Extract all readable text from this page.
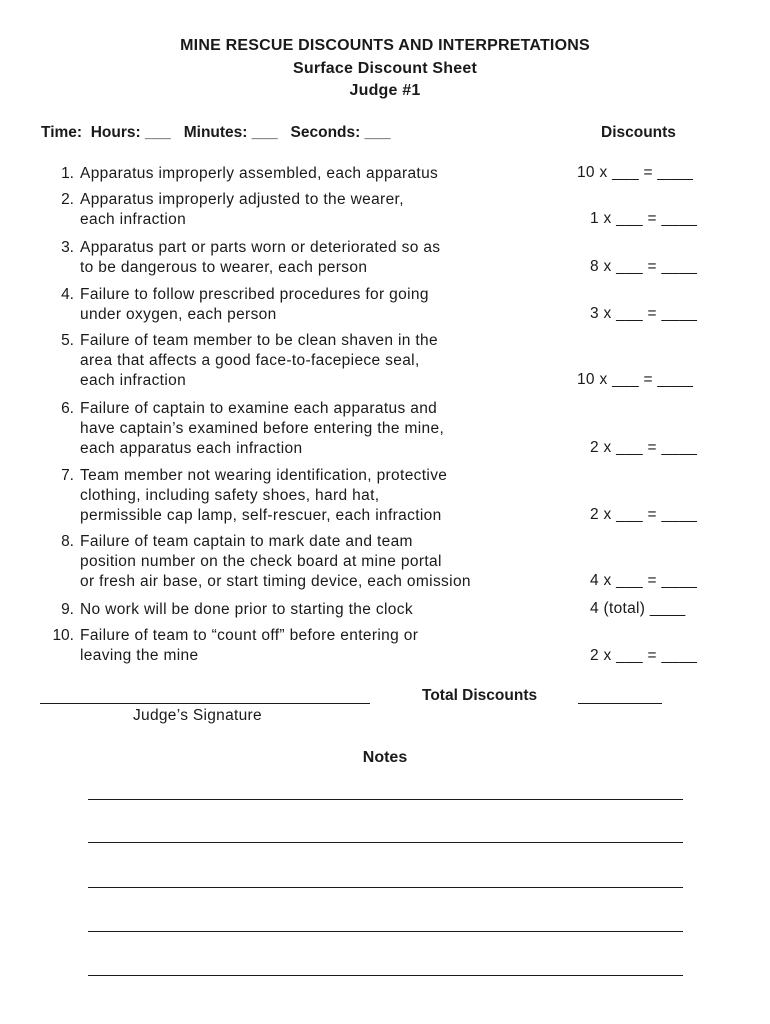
MINE RESCUE DISCOUNTS AND INTERPRETATIONS
Surface Discount Sheet
Judge #1
Time: Hours: ___ Minutes: ___ Seconds: ___	Discounts
1. Apparatus improperly assembled, each apparatus	10 x ___ = ____
2. Apparatus improperly adjusted to the wearer,
each infraction	1 x ___ = ____
3. Apparatus part or parts worn or deteriorated so as
to be dangerous to wearer, each person	8 x ___ = ____
4. Failure to follow prescribed procedures for going
under oxygen, each person	3 x ___ = ____
5. Failure of team member to be clean shaven in the
area that affects a good face-to-facepiece seal,
each infraction	10 x ___ = ____
6. Failure of captain to examine each apparatus and
have captain’s examined before entering the mine,
each apparatus each infraction	2 x ___ = ____
7. Team member not wearing identification, protective
clothing, including safety shoes, hard hat,
permissible cap lamp, self-rescuer, each infraction	2 x ___ = ____
8. Failure of team captain to mark date and team
position number on the check board at mine portal
or fresh air base, or start timing device, each omission	4 x ___ = ____
9. No work will be done prior to starting the clock	4 (total) ____
10. Failure of team to “count off” before entering or
leaving the mine	2 x ___ = ____
Judge’s Signature
Total Discounts
Notes
